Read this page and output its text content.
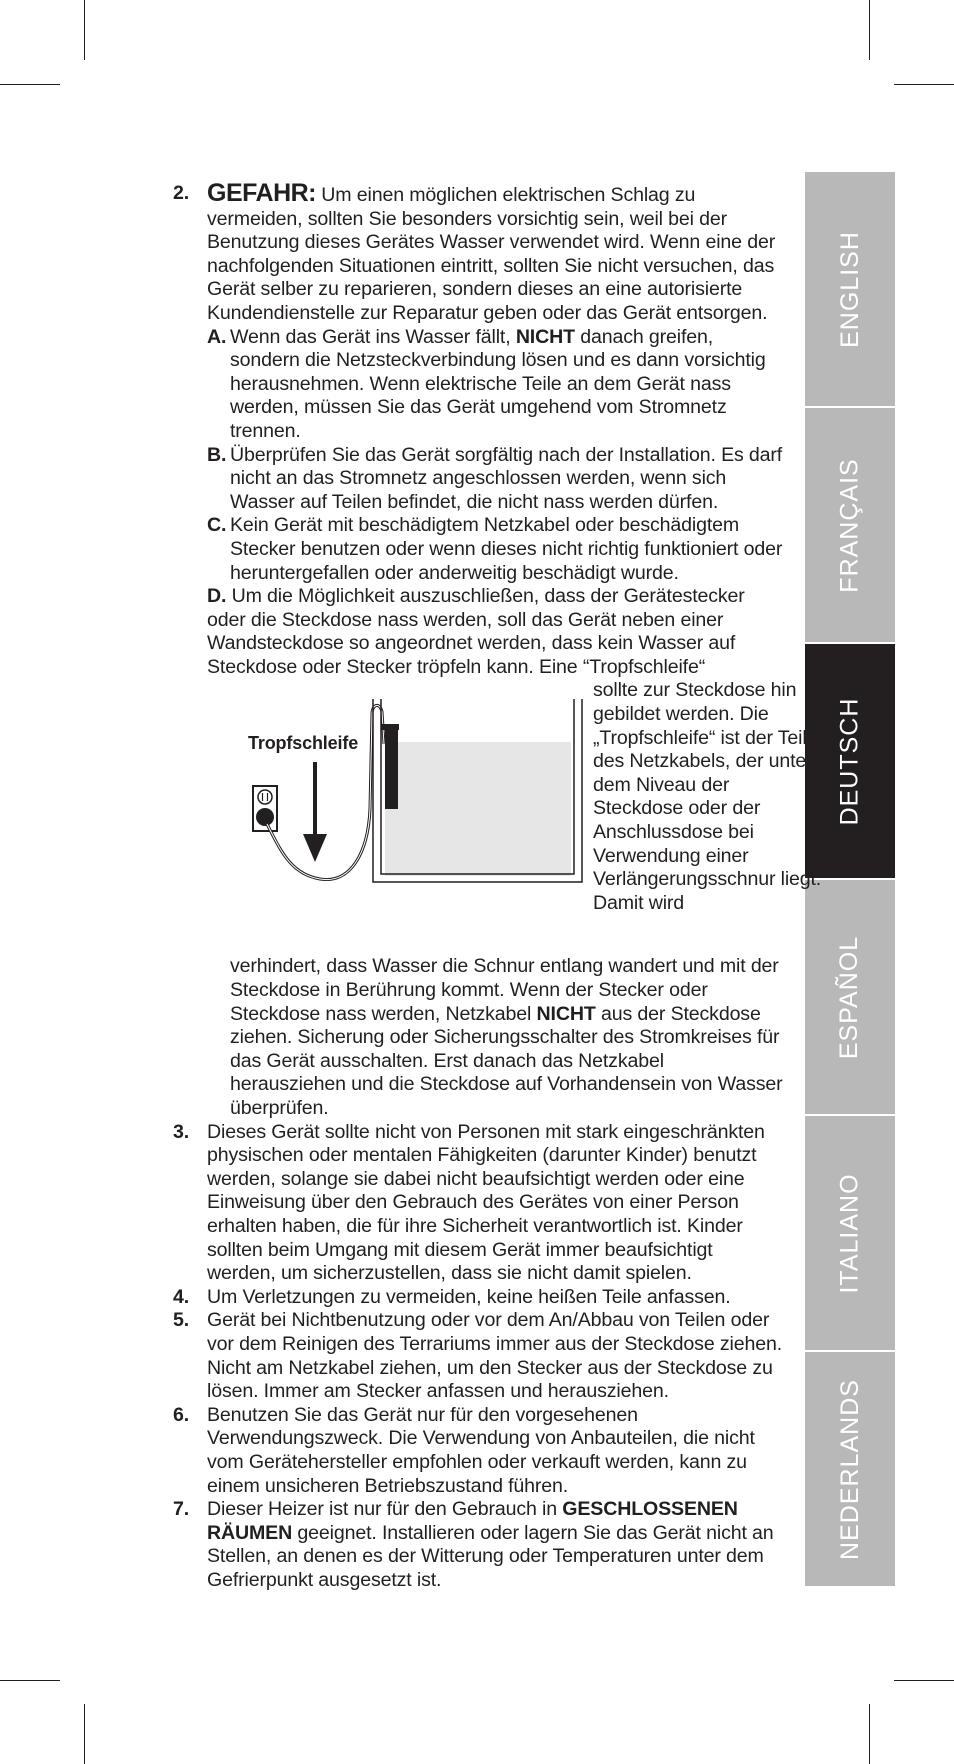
ENGLISH
FRANÇAIS
DEUTSCH
ESPAÑOL
ITALIANO
NEDERLANDS
2. GEFAHR: Um einen möglichen elektrischen Schlag zu vermeiden, sollten Sie besonders vorsichtig sein, weil bei der Benutzung dieses Gerätes Wasser verwendet wird. Wenn eine der nachfolgenden Situationen eintritt, sollten Sie nicht versuchen, das Gerät selber zu reparieren, sondern dieses an eine autorisierte Kundendienstelle zur Reparatur geben oder das Gerät entsorgen.

A. Wenn das Gerät ins Wasser fällt, NICHT danach greifen, sondern die Netzsteckverbindung lösen und es dann vorsichtig herausnehmen. Wenn elektrische Teile an dem Gerät nass werden, müssen Sie das Gerät umgehend vom Stromnetz trennen.
B. Überprüfen Sie das Gerät sorgfältig nach der Installation. Es darf nicht an das Stromnetz angeschlossen werden, wenn sich Wasser auf Teilen befindet, die nicht nass werden dürfen.
C. Kein Gerät mit beschädigtem Netzkabel oder beschädigtem Stecker benutzen oder wenn dieses nicht richtig funktioniert oder heruntergefallen oder anderweitig beschädigt wurde.

D. Um die Möglichkeit auszuschließen, dass der Gerätestecker oder die Steckdose nass werden, soll das Gerät neben einer Wandsteckdose so angeordnet werden, dass kein Wasser auf Steckdose oder Stecker tröpfeln kann. Eine “Tropfschleife“

Tropfschleife

sollte zur Steckdose hin gebildet werden. Die „Tropfschleife“ ist der Teil des Netzkabels, der unter dem Niveau der Steckdose oder der Anschlussdose bei Verwendung einer Verlängerungsschnur liegt. Damit wird

verhindert, dass Wasser die Schnur entlang wandert und mit der Steckdose in Berührung kommt. Wenn der Stecker oder Steckdose nass werden, Netzkabel NICHT aus der Steckdose ziehen. Sicherung oder Sicherungsschalter des Stromkreises für das Gerät ausschalten. Erst danach das Netzkabel herausziehen und die Steckdose auf Vorhandensein von Wasser überprüfen.

3. Dieses Gerät sollte nicht von Personen mit stark eingeschränkten physischen oder mentalen Fähigkeiten (darunter Kinder) benutzt werden, solange sie dabei nicht beaufsichtigt werden oder eine Einweisung über den Gebrauch des Gerätes von einer Person erhalten haben, die für ihre Sicherheit verantwortlich ist. Kinder sollten beim Umgang mit diesem Gerät immer beaufsichtigt werden, um sicherzustellen, dass sie nicht damit spielen.

4. Um Verletzungen zu vermeiden, keine heißen Teile anfassen.

5. Gerät bei Nichtbenutzung oder vor dem An/Abbau von Teilen oder vor dem Reinigen des Terrariums immer aus der Steckdose ziehen. Nicht am Netzkabel ziehen, um den Stecker aus der Steckdose zu lösen. Immer am Stecker anfassen und herausziehen.

6. Benutzen Sie das Gerät nur für den vorgesehenen Verwendungszweck. Die Verwendung von Anbauteilen, die nicht vom Gerätehersteller empfohlen oder verkauft werden, kann zu einem unsicheren Betriebszustand führen.

7. Dieser Heizer ist nur für den Gebrauch in GESCHLOSSENEN RÄUMEN geeignet. Installieren oder lagern Sie das Gerät nicht an Stellen, an denen es der Witterung oder Temperaturen unter dem Gefrierpunkt ausgesetzt ist.
